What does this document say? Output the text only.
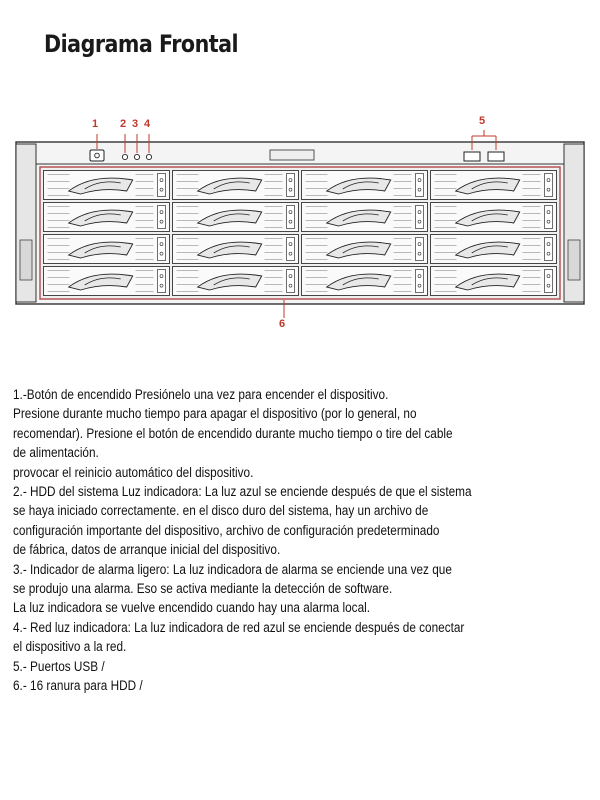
Diagrama Frontal
1 2 3 4	5
6
1.-Botón de encendido Presiónelo una vez para encender el dispositivo.
Presione durante mucho tiempo para apagar el dispositivo (por lo general, no
recomendar). Presione el botón de encendido durante mucho tiempo o tire del cable
de alimentación.
provocar el reinicio automático del dispositivo.
2.- HDD del sistema Luz indicadora: La luz azul se enciende después de que el sistema
se haya iniciado correctamente. en el disco duro del sistema, hay un archivo de
configuración importante del dispositivo, archivo de configuración predeterminado
de fábrica, datos de arranque inicial del dispositivo.
3.- Indicador de alarma ligero: La luz indicadora de alarma se enciende una vez que
se produjo una alarma. Eso se activa mediante la detección de software.
La luz indicadora se vuelve encendido cuando hay una alarma local.
4.- Red luz indicadora: La luz indicadora de red azul se enciende después de conectar
el dispositivo a la red.
5.- Puertos USB /
6.- 16 ranura para HDD /
